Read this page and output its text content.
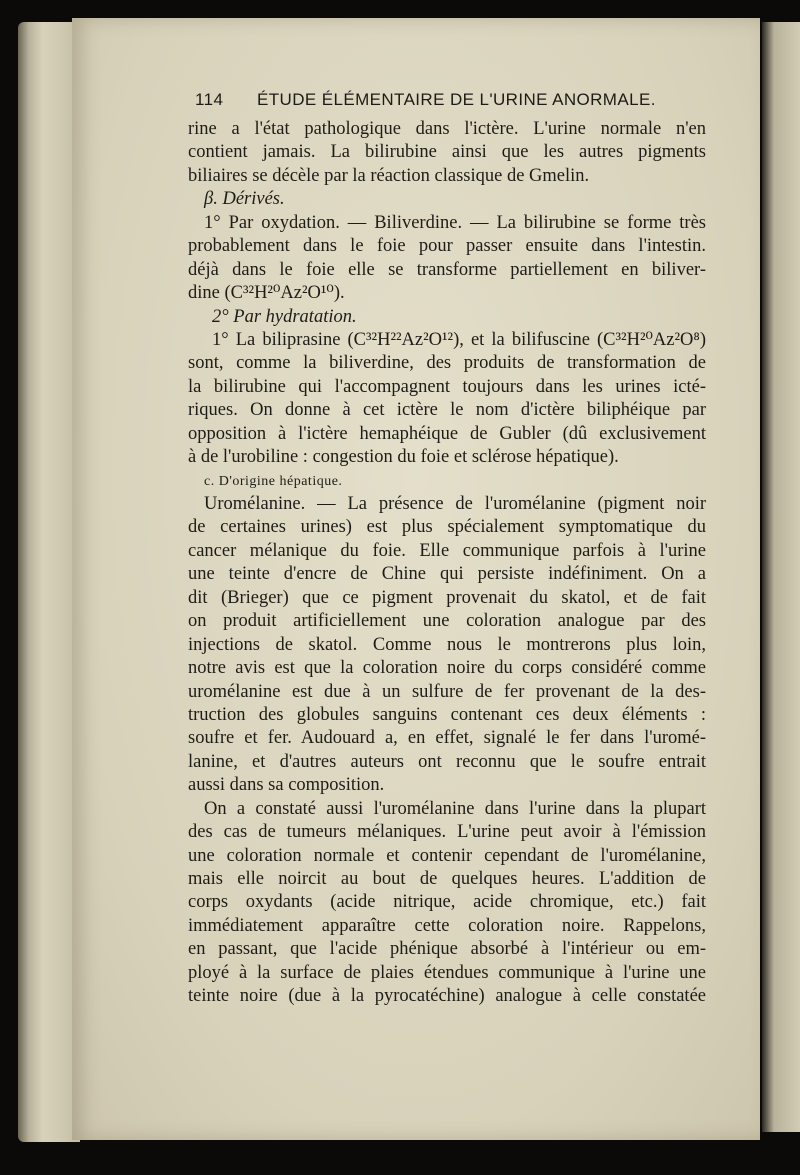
114 ÉTUDE ÉLÉMENTAIRE DE L'URINE ANORMALE.
rine a l'état pathologique dans l'ictère. L'urine normale n'en
contient jamais. La bilirubine ainsi que les autres pigments
biliaires se décèle par la réaction classique de Gmelin.
β. Dérivés.
1° Par oxydation. — Biliverdine. — La bilirubine se forme très
probablement dans le foie pour passer ensuite dans l'intestin.
déjà dans le foie elle se transforme partiellement en biliver-
dine (C³²H²⁰Az²O¹⁰).
2° Par hydratation.
1° La biliprasine (C³²H²²Az²O¹²), et la bilifuscine (C³²H²⁰Az²O⁸)
sont, comme la biliverdine, des produits de transformation de
la bilirubine qui l'accompagnent toujours dans les urines icté-
riques. On donne à cet ictère le nom d'ictère biliphéique par
opposition à l'ictère hemaphéique de Gubler (dû exclusivement
à de l'urobiline : congestion du foie et sclérose hépatique).
c. D'origine hépatique.
Uromélanine. — La présence de l'uromélanine (pigment noir
de certaines urines) est plus spécialement symptomatique du
cancer mélanique du foie. Elle communique parfois à l'urine
une teinte d'encre de Chine qui persiste indéfiniment. On a
dit (Brieger) que ce pigment provenait du skatol, et de fait
on produit artificiellement une coloration analogue par des
injections de skatol. Comme nous le montrerons plus loin,
notre avis est que la coloration noire du corps considéré comme
uromélanine est due à un sulfure de fer provenant de la des-
truction des globules sanguins contenant ces deux éléments :
soufre et fer. Audouard a, en effet, signalé le fer dans l'uromé-
lanine, et d'autres auteurs ont reconnu que le soufre entrait
aussi dans sa composition.
On a constaté aussi l'uromélanine dans l'urine dans la plupart
des cas de tumeurs mélaniques. L'urine peut avoir à l'émission
une coloration normale et contenir cependant de l'uromélanine,
mais elle noircit au bout de quelques heures. L'addition de
corps oxydants (acide nitrique, acide chromique, etc.) fait
immédiatement apparaître cette coloration noire. Rappelons,
en passant, que l'acide phénique absorbé à l'intérieur ou em-
ployé à la surface de plaies étendues communique à l'urine une
teinte noire (due à la pyrocatéchine) analogue à celle constatée
